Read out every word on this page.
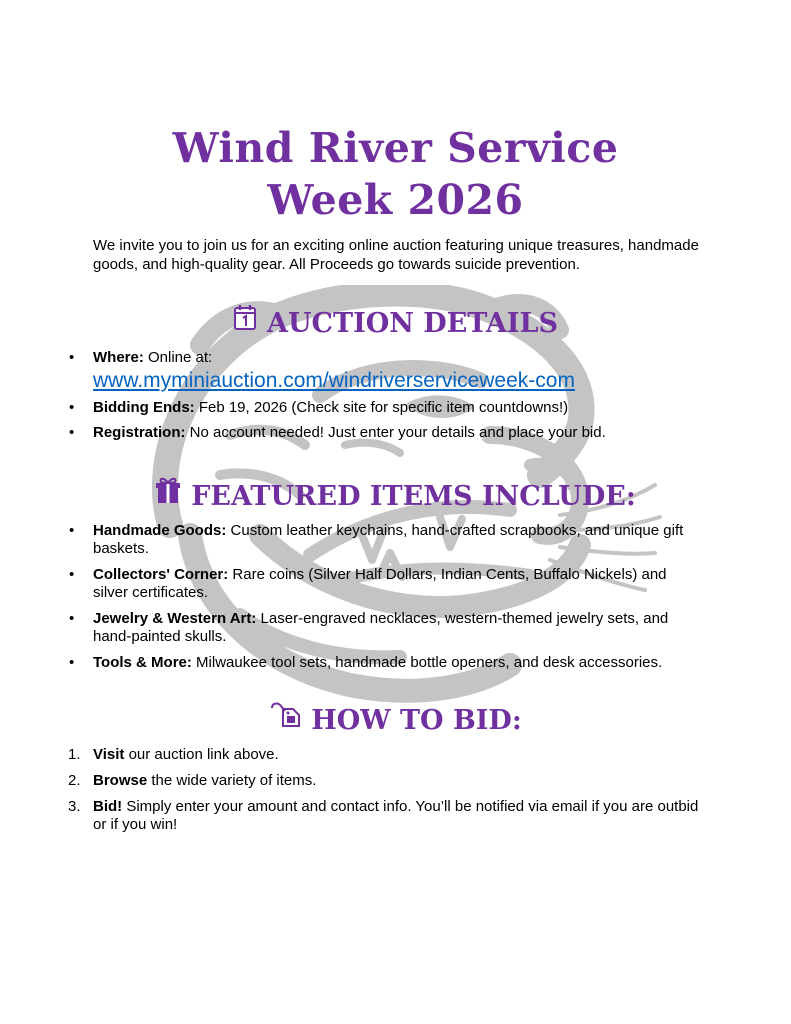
Wind River Service
Week 2026
We invite you to join us for an exciting online auction featuring unique treasures, handmade goods, and high-quality gear. All Proceeds go towards suicide prevention.
AUCTION DETAILS
• Where: Online at:
www.myminiauction.com/windriverserviceweek-com
• Bidding Ends: Feb 19, 2026 (Check site for specific item countdowns!)
• Registration: No account needed! Just enter your details and place your bid.
FEATURED ITEMS INCLUDE:
• Handmade Goods: Custom leather keychains, hand-crafted scrapbooks, and unique gift baskets.
• Collectors' Corner: Rare coins (Silver Half Dollars, Indian Cents, Buffalo Nickels) and silver certificates.
• Jewelry & Western Art: Laser-engraved necklaces, western-themed jewelry sets, and hand-painted skulls.
• Tools & More: Milwaukee tool sets, handmade bottle openers, and desk accessories.
HOW TO BID:
1. Visit our auction link above.
2. Browse the wide variety of items.
3. Bid! Simply enter your amount and contact info. You’ll be notified via email if you are outbid or if you win!
